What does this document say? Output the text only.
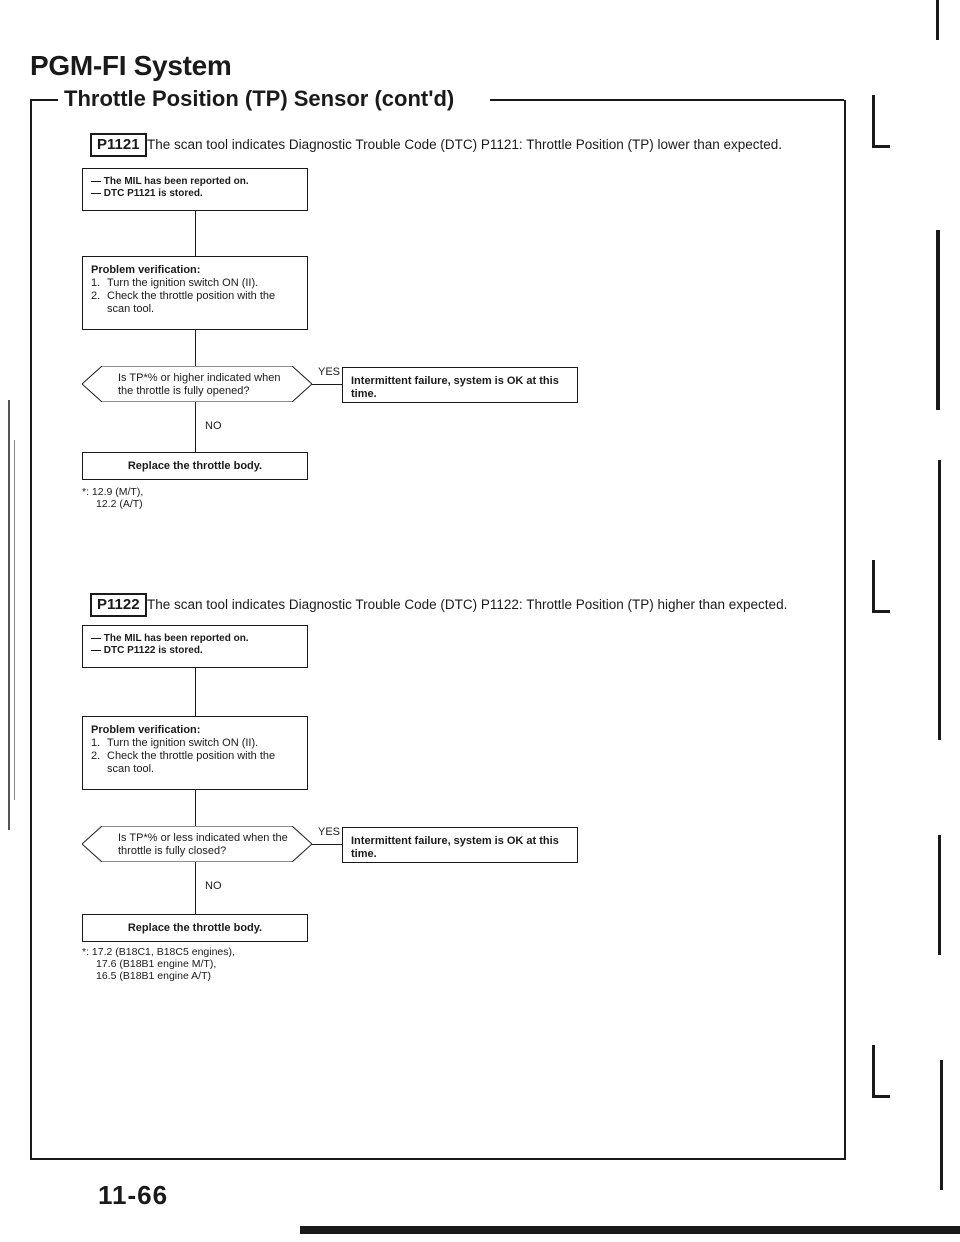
PGM-FI System
Throttle Position (TP) Sensor (cont'd)
P1121 The scan tool indicates Diagnostic Trouble Code (DTC) P1121: Throttle Position (TP) lower than expected.
— The MIL has been reported on.
— DTC P1121 is stored.
Problem verification:
1. Turn the ignition switch ON (II).
2. Check the throttle position with the scan tool.
Is TP*% or higher indicated when the throttle is fully opened?
YES
Intermittent failure, system is OK at this time.
NO
Replace the throttle body.
*: 12.9 (M/T),
12.2 (A/T)
P1122 The scan tool indicates Diagnostic Trouble Code (DTC) P1122: Throttle Position (TP) higher than expected.
— The MIL has been reported on.
— DTC P1122 is stored.
Problem verification:
1. Turn the ignition switch ON (II).
2. Check the throttle position with the scan tool.
Is TP*% or less indicated when the throttle is fully closed?
YES
Intermittent failure, system is OK at this time.
NO
Replace the throttle body.
*: 17.2 (B18C1, B18C5 engines),
17.6 (B18B1 engine M/T),
16.5 (B18B1 engine A/T)
11-66
